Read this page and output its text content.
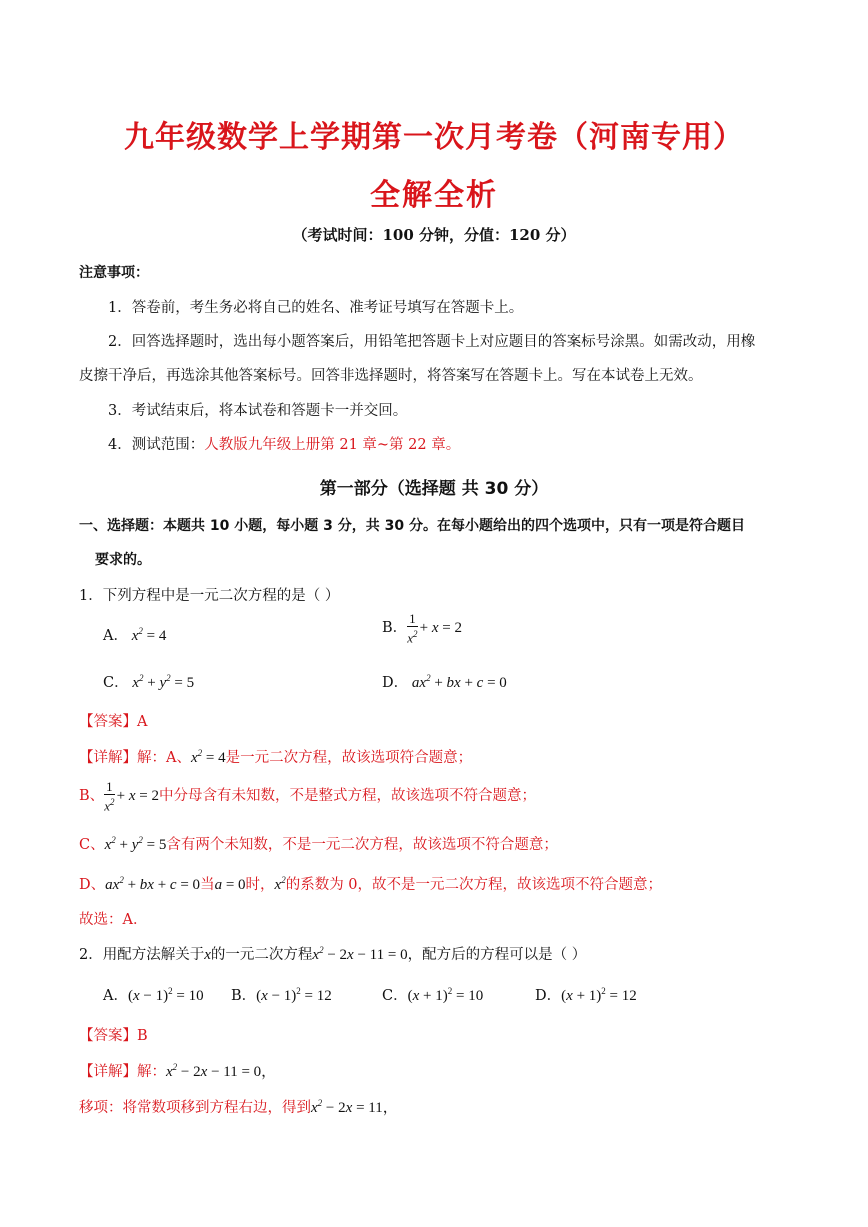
九年级数学上学期第一次月考卷（河南专用）
全解全析
（考试时间：100 分钟，分值：120 分）
注意事项：
1．答卷前，考生务必将自己的姓名、准考证号填写在答题卡上。
2．回答选择题时，选出每小题答案后，用铅笔把答题卡上对应题目的答案标号涂黑。如需改动，用橡
皮擦干净后，再选涂其他答案标号。回答非选择题时，将答案写在答题卡上。写在本试卷上无效。
3．考试结束后，将本试卷和答题卡一并交回。
4．测试范围：人教版九年级上册第 21 章~第 22 章。
第一部分（选择题 共 30 分）
一、选择题：本题共 10 小题，每小题 3 分，共 30 分。在每小题给出的四个选项中，只有一项是符合题目
要求的。
1．下列方程中是一元二次方程的是（ ）
A． $x^2 = 4$	B． $\frac{1}{x^2} + x = 2$
C． $x^2 + y^2 = 5$	D． $ax^2$ + bx + c = 0
【答案】A
【详解】解：A、$x^2 = 4$是一元二次方程，故该选项符合题意；
B、 $\frac{1}{x^2} + x = 2$中分母含有未知数，不是整式方程，故该选项不符合题意；
C、$x^2 + y^2 = 5$含有两个未知数，不是一元二次方程，故该选项不符合题意；
D、$ax^2$ + bx + c = 0当a = 0时，$x^2$的系数为 0，故不是一元二次方程，故该选项不符合题意；
故选：A．
2．用配方法解关于x的一元二次方程$x^2 - 2x - 11 = 0$，配方后的方程可以是（ ）
A．$(x - 1)^2 = 10$ B．$(x - 1)^2 = 12$	C．$(x + 1)^2 = 10$	D．$(x + 1)^2 = 12$
【答案】B
【详解】解：$x^2 - 2x - 11 = 0$，
移项：将常数项移到方程右边，得到$x^2 - 2x = 11$，
